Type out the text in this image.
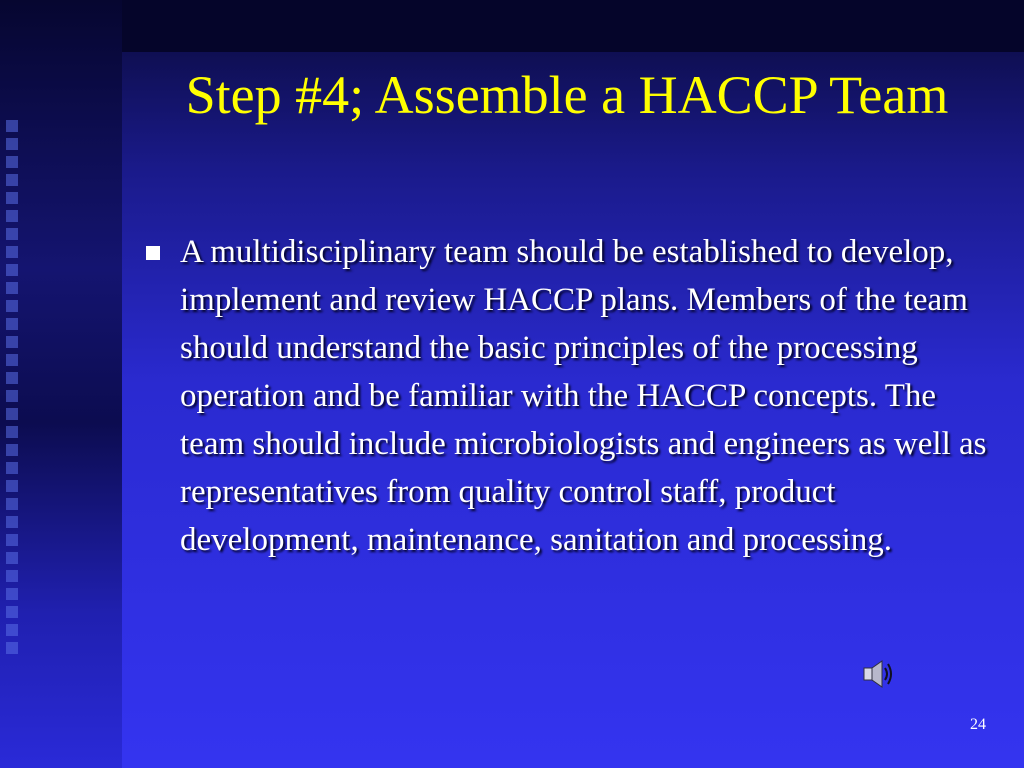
Step #4; Assemble a HACCP Team
A multidisciplinary team should be established to develop, implement and review HACCP plans. Members of the team should understand the basic principles of the processing operation and be familiar with the HACCP concepts. The team should include microbiologists and engineers as well as representatives from quality control staff, product development, maintenance, sanitation and processing.
24
